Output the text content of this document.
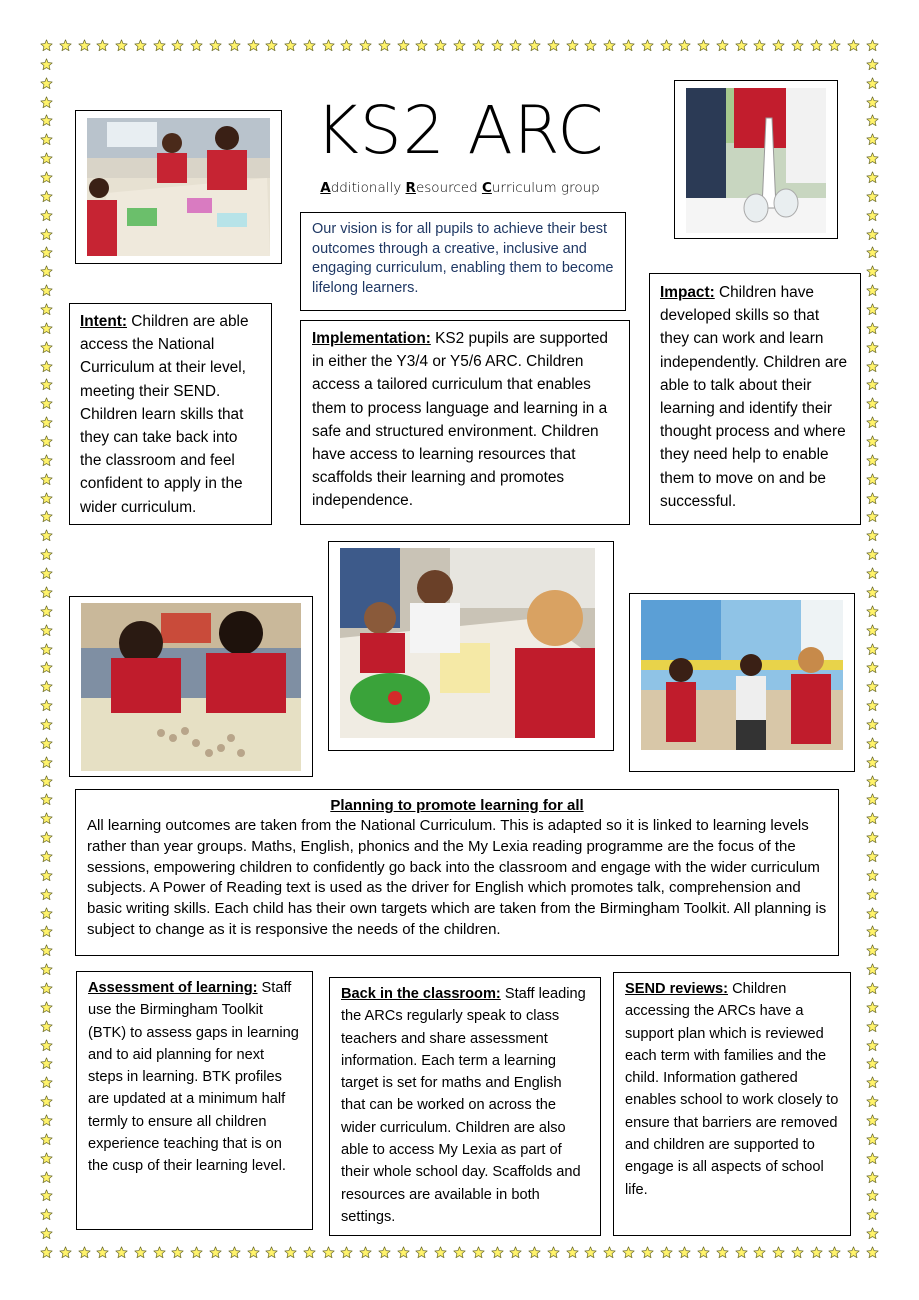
KS2 ARC
Additionally Resourced Curriculum group
Our vision is for all pupils to achieve their best outcomes through a creative, inclusive and engaging curriculum, enabling them to become lifelong learners.
Intent: Children are able access the National Curriculum at their level, meeting their SEND. Children learn skills that they can take back into the classroom and feel confident to apply in the wider curriculum.
Implementation: KS2 pupils are supported in either the Y3/4 or Y5/6 ARC. Children access a tailored curriculum that enables them to process language and learning in a safe and structured environment. Children have access to learning resources that scaffolds their learning and promotes independence.
Impact: Children have developed skills so that they can work and learn independently. Children are able to talk about their learning and identify their thought process and where they need help to enable them to move on and be successful.
Planning to promote learning for all
All learning outcomes are taken from the National Curriculum. This is adapted so it is linked to learning levels rather than year groups. Maths, English, phonics and the My Lexia reading programme are the focus of the sessions, empowering children to confidently go back into the classroom and engage with the wider curriculum subjects. A Power of Reading text is used as the driver for English which promotes talk, comprehension and basic writing skills. Each child has their own targets which are taken from the Birmingham Toolkit. All planning is subject to change as it is responsive the needs of the children.
Assessment of learning: Staff use the Birmingham Toolkit (BTK) to assess gaps in learning and to aid planning for next steps in learning. BTK profiles are updated at a minimum half termly to ensure all children experience teaching that is on the cusp of their learning level.
Back in the classroom: Staff leading the ARCs regularly speak to class teachers and share assessment information. Each term a learning target is set for maths and English that can be worked on across the wider curriculum. Children are also able to access My Lexia as part of their whole school day. Scaffolds and resources are available in both settings.
SEND reviews: Children accessing the ARCs have a support plan which is reviewed each term with families and the child. Information gathered enables school to work closely to ensure that barriers are removed and children are supported to engage is all aspects of school life.
